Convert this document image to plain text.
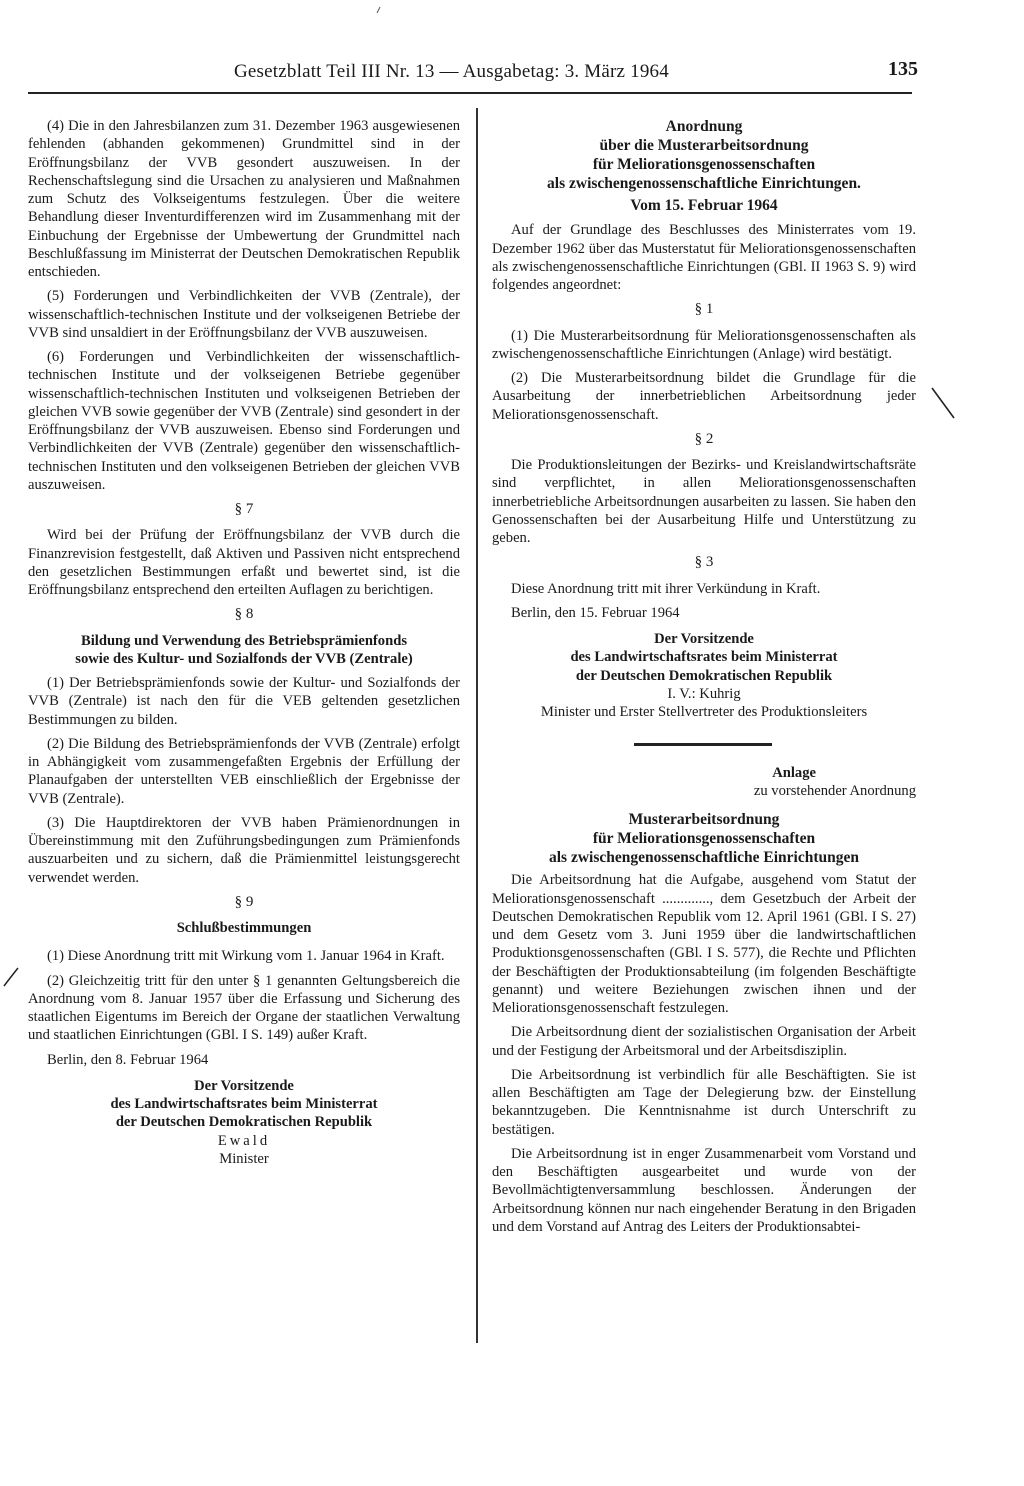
Gesetzblatt Teil III Nr. 13 — Ausgabetag: 3. März 1964	135

(4) Die in den Jahresbilanzen zum 31. Dezember 1963 ausgewiesenen fehlenden (abhanden gekommenen) Grundmittel sind in der Eröffnungsbilanz der VVB gesondert auszuweisen. In der Rechenschaftslegung sind die Ursachen zu analysieren und Maßnahmen zum Schutz des Volkseigentums festzulegen. Über die weitere Behandlung dieser Inventurdifferenzen wird im Zusammenhang mit der Einbuchung der Ergebnisse der Umbewertung der Grundmittel nach Beschlußfassung im Ministerrat der Deutschen Demokratischen Republik entschieden.

(5) Forderungen und Verbindlichkeiten der VVB (Zentrale), der wissenschaftlich-technischen Institute und der volkseigenen Betriebe der VVB sind unsaldiert in der Eröffnungsbilanz der VVB auszuweisen.

(6) Forderungen und Verbindlichkeiten der wissenschaftlich-technischen Institute und der volkseigenen Betriebe gegenüber wissenschaftlich-technischen Instituten und volkseigenen Betrieben der gleichen VVB sowie gegenüber der VVB (Zentrale) sind gesondert in der Eröffnungsbilanz der VVB auszuweisen. Ebenso sind Forderungen und Verbindlichkeiten der VVB (Zentrale) gegenüber den wissenschaftlich-technischen Instituten und den volkseigenen Betrieben der gleichen VVB auszuweisen.

§ 7

Wird bei der Prüfung der Eröffnungsbilanz der VVB durch die Finanzrevision festgestellt, daß Aktiven und Passiven nicht entsprechend den gesetzlichen Bestimmungen erfaßt und bewertet sind, ist die Eröffnungsbilanz entsprechend den erteilten Auflagen zu berichtigen.

§ 8
Bildung und Verwendung des Betriebsprämienfonds
sowie des Kultur- und Sozialfonds der VVB (Zentrale)

(1) Der Betriebsprämienfonds sowie der Kultur- und Sozialfonds der VVB (Zentrale) ist nach den für die VEB geltenden gesetzlichen Bestimmungen zu bilden.

(2) Die Bildung des Betriebsprämienfonds der VVB (Zentrale) erfolgt in Abhängigkeit vom zusammengefaßten Ergebnis der Erfüllung der Planaufgaben der unterstellten VEB einschließlich der Ergebnisse der VVB (Zentrale).

(3) Die Hauptdirektoren der VVB haben Prämienordnungen in Übereinstimmung mit den Zuführungsbedingungen zum Prämienfonds auszuarbeiten und zu sichern, daß die Prämienmittel leistungsgerecht verwendet werden.

§ 9
Schlußbestimmungen

(1) Diese Anordnung tritt mit Wirkung vom 1. Januar 1964 in Kraft.

(2) Gleichzeitig tritt für den unter § 1 genannten Geltungsbereich die Anordnung vom 8. Januar 1957 über die Erfassung und Sicherung des staatlichen Eigentums im Bereich der Organe der staatlichen Verwaltung und staatlichen Einrichtungen (GBl. I S. 149) außer Kraft.

Berlin, den 8. Februar 1964
Der Vorsitzende
des Landwirtschaftsrates beim Ministerrat
der Deutschen Demokratischen Republik
Ewald
Minister
Anordnung
über die Musterarbeitsordnung
für Meliorationsgenossenschaften
als zwischengenossenschaftliche Einrichtungen.
Vom 15. Februar 1964

Auf der Grundlage des Beschlusses des Ministerrates vom 19. Dezember 1962 über das Musterstatut für Meliorationsgenossenschaften als zwischengenossenschaftliche Einrichtungen (GBl. II 1963 S. 9) wird folgendes angeordnet:

§ 1

(1) Die Musterarbeitsordnung für Meliorationsgenossenschaften als zwischengenossenschaftliche Einrichtungen (Anlage) wird bestätigt.

(2) Die Musterarbeitsordnung bildet die Grundlage für die Ausarbeitung der innerbetrieblichen Arbeitsordnung jeder Meliorationsgenossenschaft.

§ 2

Die Produktionsleitungen der Bezirks- und Kreislandwirtschaftsräte sind verpflichtet, in allen Meliorationsgenossenschaften innerbetriebliche Arbeitsordnungen ausarbeiten zu lassen. Sie haben den Genossenschaften bei der Ausarbeitung Hilfe und Unterstützung zu geben.

§ 3

Diese Anordnung tritt mit ihrer Verkündung in Kraft.

Berlin, den 15. Februar 1964
Der Vorsitzende
des Landwirtschaftsrates beim Ministerrat
der Deutschen Demokratischen Republik
I. V.: Kuhrig
Minister und Erster Stellvertreter des Produktionsleiters
Anlage
zu vorstehender Anordnung
Musterarbeitsordnung
für Meliorationsgenossenschaften
als zwischengenossenschaftliche Einrichtungen

Die Arbeitsordnung hat die Aufgabe, ausgehend vom Statut der Meliorationsgenossenschaft ............., dem Gesetzbuch der Arbeit der Deutschen Demokratischen Republik vom 12. April 1961 (GBl. I S. 27) und dem Gesetz vom 3. Juni 1959 über die landwirtschaftlichen Produktionsgenossenschaften (GBl. I S. 577), die Rechte und Pflichten der Beschäftigten der Produktionsabteilung (im folgenden Beschäftigte genannt) und weitere Beziehungen zwischen ihnen und der Meliorationsgenossenschaft festzulegen.

Die Arbeitsordnung dient der sozialistischen Organisation der Arbeit und der Festigung der Arbeitsmoral und der Arbeitsdisziplin.

Die Arbeitsordnung ist verbindlich für alle Beschäftigten. Sie ist allen Beschäftigten am Tage der Delegierung bzw. der Einstellung bekanntzugeben. Die Kenntnisnahme ist durch Unterschrift zu bestätigen.

Die Arbeitsordnung ist in enger Zusammenarbeit vom Vorstand und den Beschäftigten ausgearbeitet und wurde von der Bevollmächtigtenversammlung beschlossen. Änderungen der Arbeitsordnung können nur nach eingehender Beratung in den Brigaden und dem Vorstand auf Antrag des Leiters der Produktionsabtei-
